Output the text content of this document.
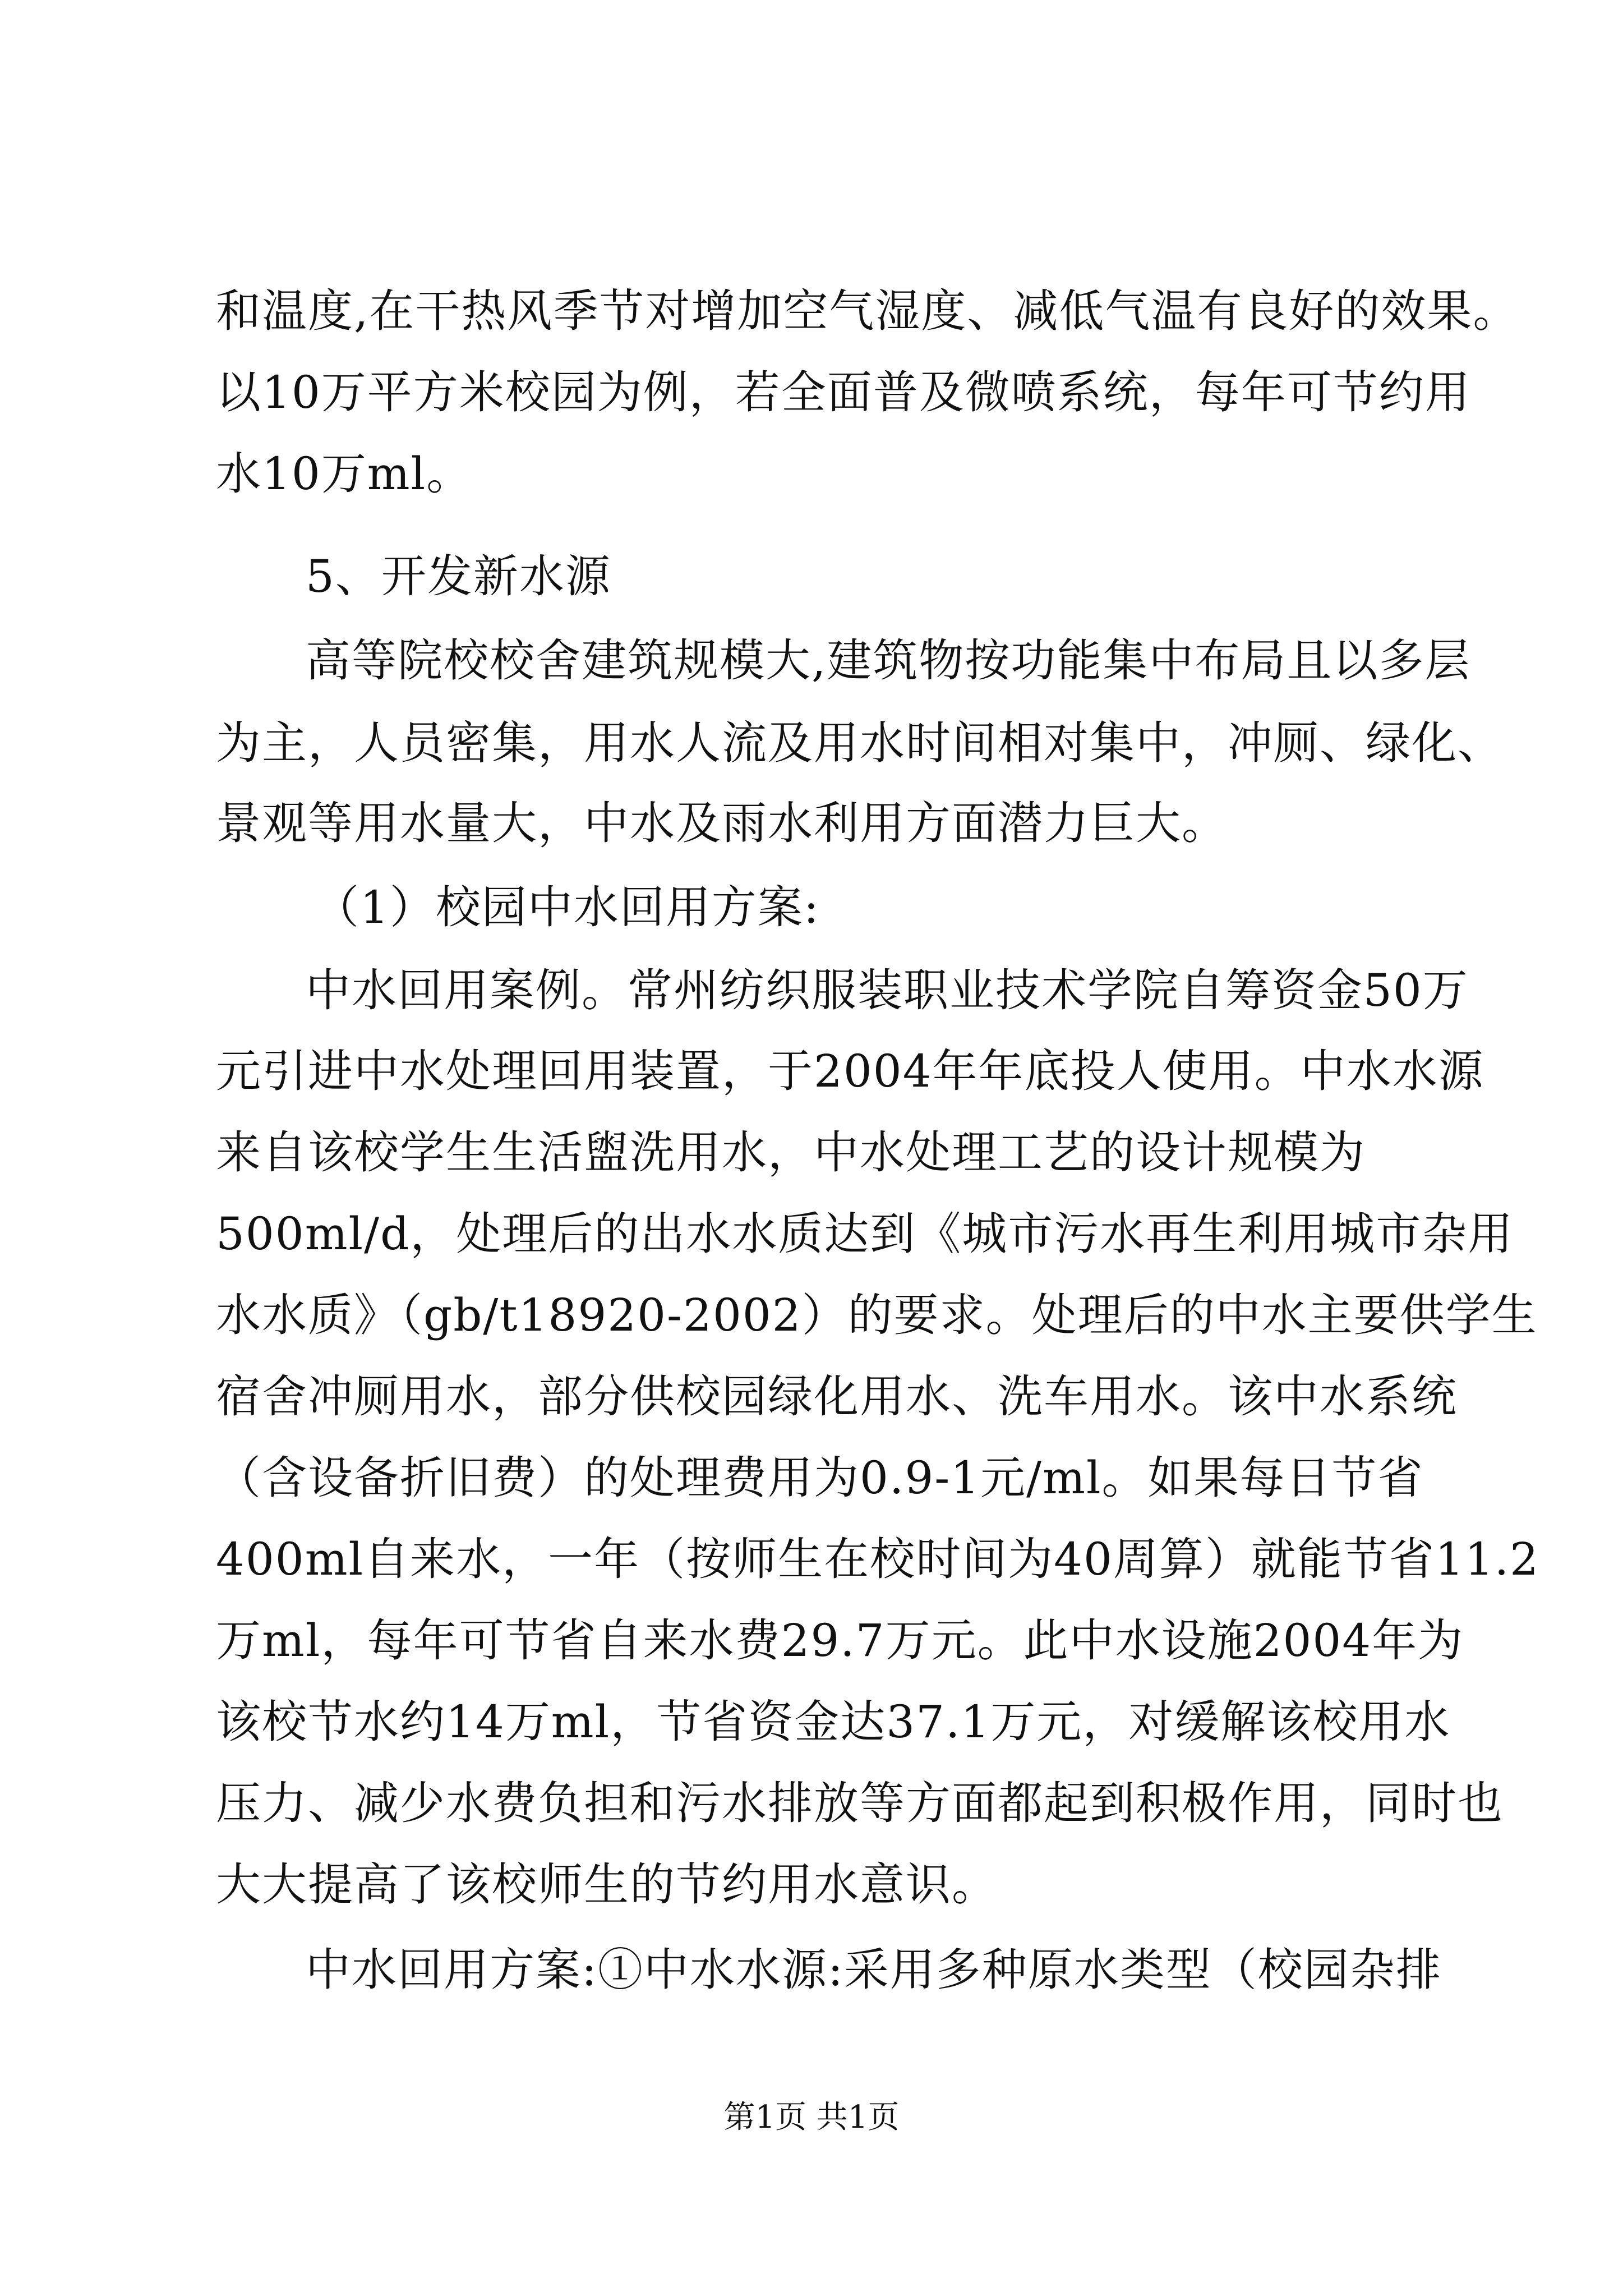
和温度,在干热风季节对增加空气湿度、减低气温有良好的效果。
以10万平方米校园为例，若全面普及微喷系统，每年可节约用
水10万ml。
5、开发新水源
高等院校校舍建筑规模大,建筑物按功能集中布局且以多层
为主，人员密集，用水人流及用水时间相对集中，冲厕、绿化、
景观等用水量大，中水及雨水利用方面潜力巨大。
（1）校园中水回用方案:
中水回用案例。常州纺织服装职业技术学院自筹资金50万
元引进中水处理回用装置，于2004年年底投人使用。中水水源
来自该校学生生活盥洗用水，中水处理工艺的设计规模为
500ml/d，处理后的出水水质达到《城市污水再生利用城市杂用
水水质》（gb/t18920-2002）的要求。处理后的中水主要供学生
宿舍冲厕用水，部分供校园绿化用水、洗车用水。该中水系统
（含设备折旧费）的处理费用为0.9-1元/ml。如果每日节省
400ml自来水，一年（按师生在校时间为40周算）就能节省11.2
万ml，每年可节省自来水费29.7万元。此中水设施2004年为
该校节水约14万ml，节省资金达37.1万元，对缓解该校用水
压力、减少水费负担和污水排放等方面都起到积极作用，同时也
大大提高了该校师生的节约用水意识。
中水回用方案:①中水水源:采用多种原水类型（校园杂排
第1页 共1页
